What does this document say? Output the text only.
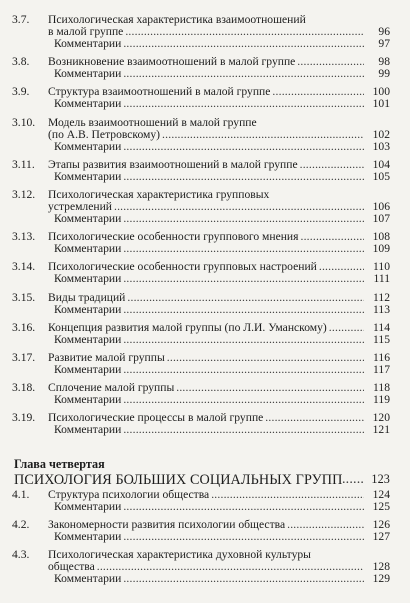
3.7.	Психологическая характеристика взаимоотношений
в малой группе .....	96
Комментарии .....	97
3.8.	Возникновение взаимоотношений в малой группе .....	98
Комментарии .....	99
3.9.	Структура взаимоотношений в малой группе .....	100
Комментарии .....	101
3.10.	Модель взаимоотношений в малой группе
(по А.В. Петровскому) .....	102
Комментарии .....	103
3.11.	Этапы развития взаимоотношений в малой группе .....	104
Комментарии .....	105
3.12.	Психологическая характеристика групповых
устремлений .....	106
Комментарии .....	107
3.13.	Психологические особенности группового мнения .....	108
Комментарии .....	109
3.14.	Психологические особенности групповых настроений .....	110
Комментарии .....	111
3.15.	Виды традиций .....	112
Комментарии .....	113
3.16.	Концепция развития малой группы (по Л.И. Уманскому) .....	114
Комментарии .....	115
3.17.	Развитие малой группы .....	116
Комментарии .....	117
3.18.	Сплочение малой группы .....	118
Комментарии .....	119
3.19.	Психологические процессы в малой группе .....	120
Комментарии .....	121
Глава четвертая
ПСИХОЛОГИЯ БОЛЬШИХ СОЦИАЛЬНЫХ ГРУПП ..... 123
4.1.	Структура психологии общества .....	124
Комментарии .....	125
4.2.	Закономерности развития психологии общества .....	126
Комментарии .....	127
4.3.	Психологическая характеристика духовной культуры
общества .....	128
Комментарии .....	129
